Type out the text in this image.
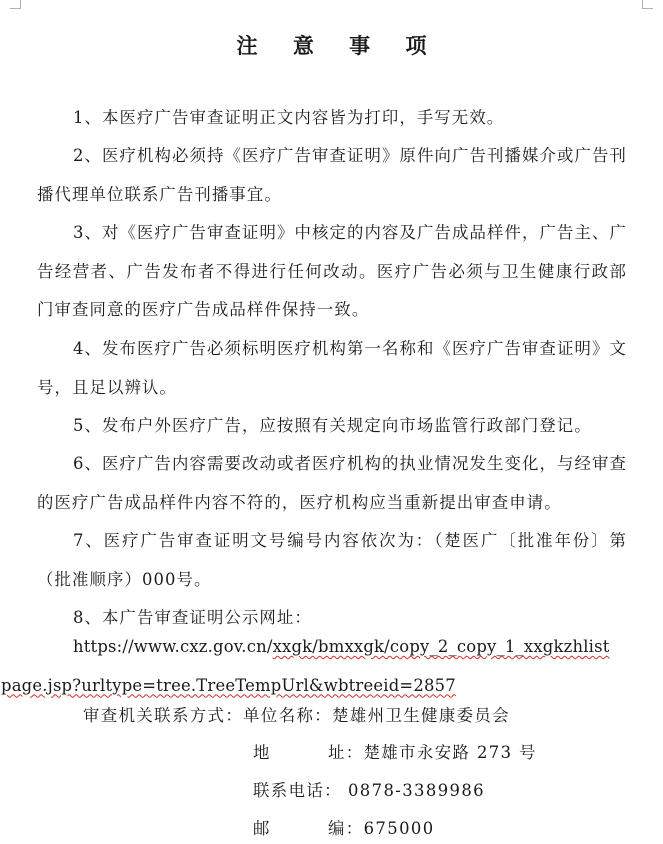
注 意 事 项

1、本医疗广告审查证明正文内容皆为打印，手写无效。

2、医疗机构必须持《医疗广告审查证明》原件向广告刊播媒介或广告刊播代理单位联系广告刊播事宜。

3、对《医疗广告审查证明》中核定的内容及广告成品样件，广告主、广告经营者、广告发布者不得进行任何改动。医疗广告必须与卫生健康行政部门审查同意的医疗广告成品样件保持一致。

4、发布医疗广告必须标明医疗机构第一名称和《医疗广告审查证明》文号，且足以辨认。

5、发布户外医疗广告，应按照有关规定向市场监管行政部门登记。

6、医疗广告内容需要改动或者医疗机构的执业情况发生变化，与经审查的医疗广告成品样件内容不符的，医疗机构应当重新提出审查申请。

7、医疗广告审查证明文号编号内容依次为：（楚医广〔批准年份〕第（批准顺序）000号。

8、本广告审查证明公示网址：

https://www.cxz.gov.cn/xxgk/bmxxgk/copy_2_copy_1_xxgkzhlist
page.jsp?urltype=tree.TreeTempUrl&wbtreeid=2857

审查机关联系方式：单位名称：楚雄州卫生健康委员会
地	址：楚雄市永安路 273 号
联系电话： 0878-3389986
邮	编：675000
